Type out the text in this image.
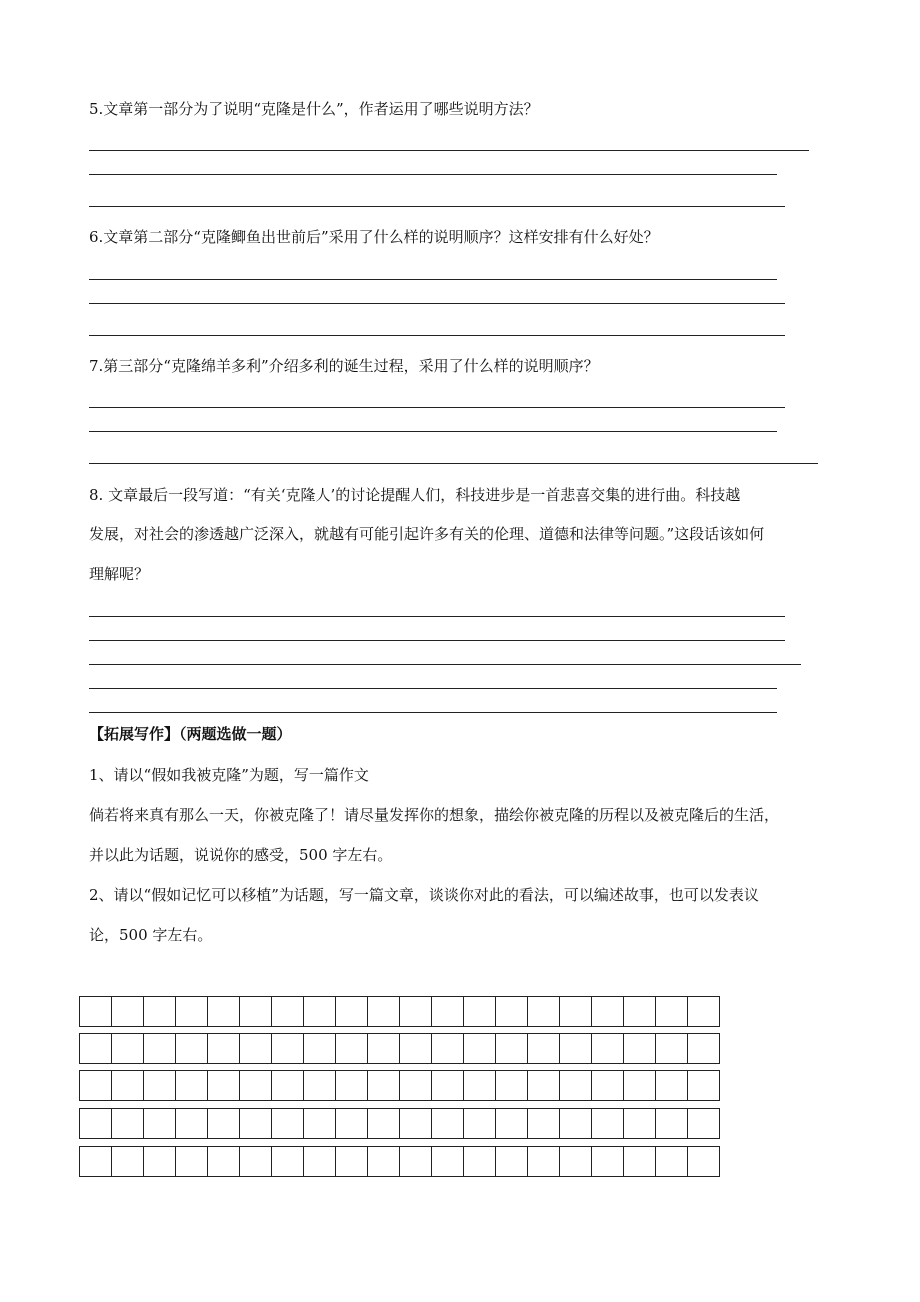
5.文章第一部分为了说明“克隆是什么”，作者运用了哪些说明方法？
6.文章第二部分“克隆鲫鱼出世前后”采用了什么样的说明顺序？这样安排有什么好处？
7.第三部分“克隆绵羊多利”介绍多利的诞生过程，采用了什么样的说明顺序？
8. 文章最后一段写道：“有关‘克隆人’的讨论提醒人们，科技进步是一首悲喜交集的进行曲。科技越
发展，对社会的渗透越广泛深入，就越有可能引起许多有关的伦理、道德和法律等问题。”这段话该如何
理解呢？
【拓展写作】（两题选做一题）
1、请以“假如我被克隆”为题，写一篇作文
倘若将来真有那么一天，你被克隆了！请尽量发挥你的想象，描绘你被克隆的历程以及被克隆后的生活，
并以此为话题，说说你的感受，500 字左右。
2、请以“假如记忆可以移植”为话题，写一篇文章，谈谈你对此的看法，可以编述故事，也可以发表议
论，500 字左右。
